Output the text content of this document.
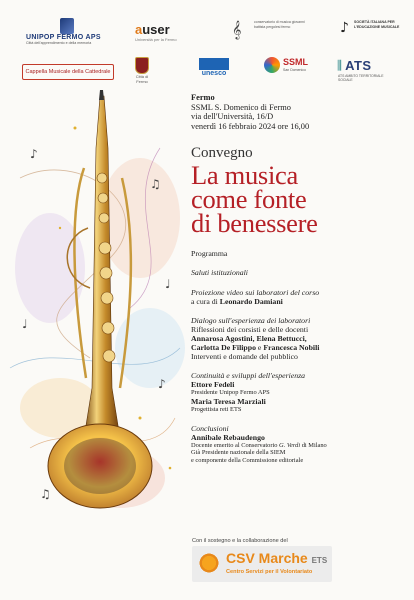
UNIPOP FERMO APS
Città dell'apprendimento e della memoria
auser
Università per la Fermo
𝄞	conservatorio di musica giovanni battista pergolesi fermo	♪	SOCIETÀ ITALIANA PER L'EDUCAZIONE MUSICALE
Cappella Musicale della Cattedrale
Città di Fermo
unesco
SSML
San Domenico	𝄂 ATS
ATS AMBITO TERRITORIALE SOCIALE
♪
♫
♩
♪
♫
♩
Fermo
SSML S. Domenico di Fermo
via dell'Università, 16/D
venerdì 16 febbraio 2024 ore 16,00
Convegno
La musica
come fonte
di benessere
Programma
Saluti istituzionali
Proiezione video sui laboratori del corso
a cura di Leonardo Damiani
Dialogo sull'esperienza dei laboratori
Riflessioni dei corsisti e delle docenti
Annarosa Agostini, Elena Bettucci,
Carlotta De Filippo e Francesca Nobili
Interventi e domande del pubblico
Continuità e sviluppi dell'esperienza
Ettore Fedeli
Presidente Unipop Fermo APS
Maria Teresa Marziali
Progettista reti ETS
Conclusioni
Annibale Rebaudengo
Docente emerito al Conservatorio G. Verdi di Milano
Già Presidente nazionale della SIEM
e componente della Commissione editoriale
Con il sostegno e la collaborazione del
CSV Marche ETS
Centro Servizi per il Volontariato
